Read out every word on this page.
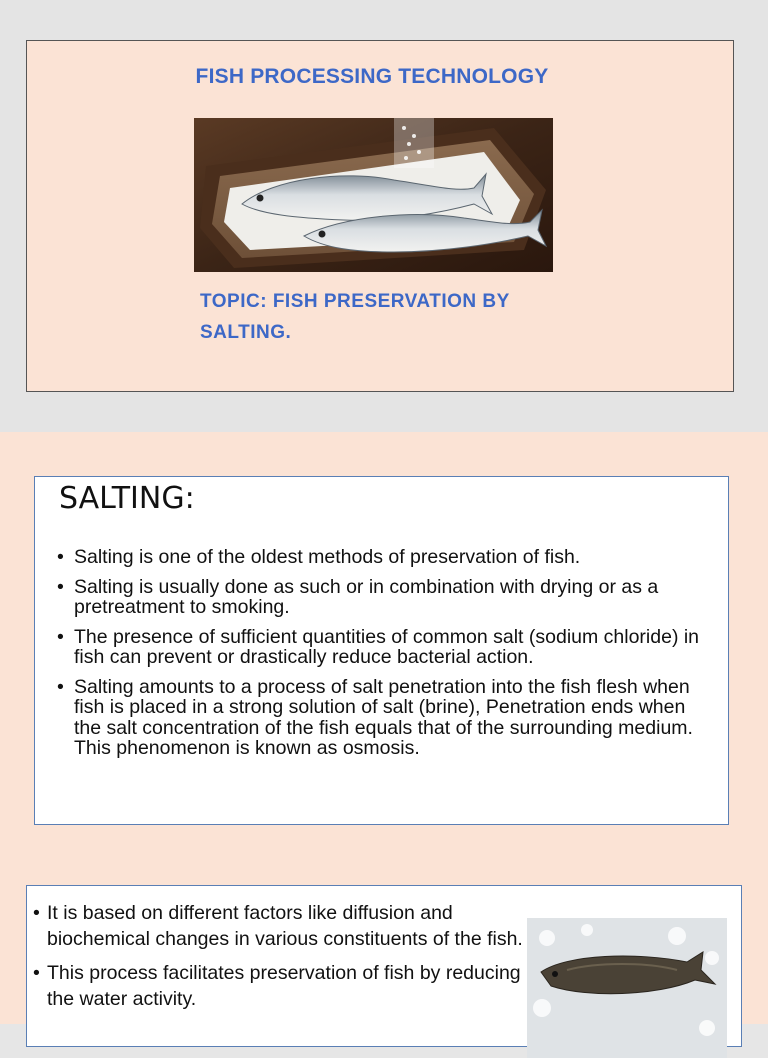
FISH PROCESSING TECHNOLOGY
TOPIC: FISH PRESERVATION BY
SALTING.
SALTING:
• Salting is one of the oldest methods of preservation of fish.
• Salting is usually done as such or in combination with drying or as a pretreatment to smoking.
• The presence of sufficient quantities of common salt (sodium chloride) in fish can prevent or drastically reduce bacterial action.
• Salting amounts to a process of salt penetration into the fish flesh when fish is placed in a strong solution of salt (brine), Penetration ends when the salt concentration of the fish equals that of the surrounding medium. This phenomenon is known as osmosis.
• It is based on different factors like diffusion and biochemical changes in various constituents of the fish.
• This process facilitates preservation of fish by reducing the water activity.
